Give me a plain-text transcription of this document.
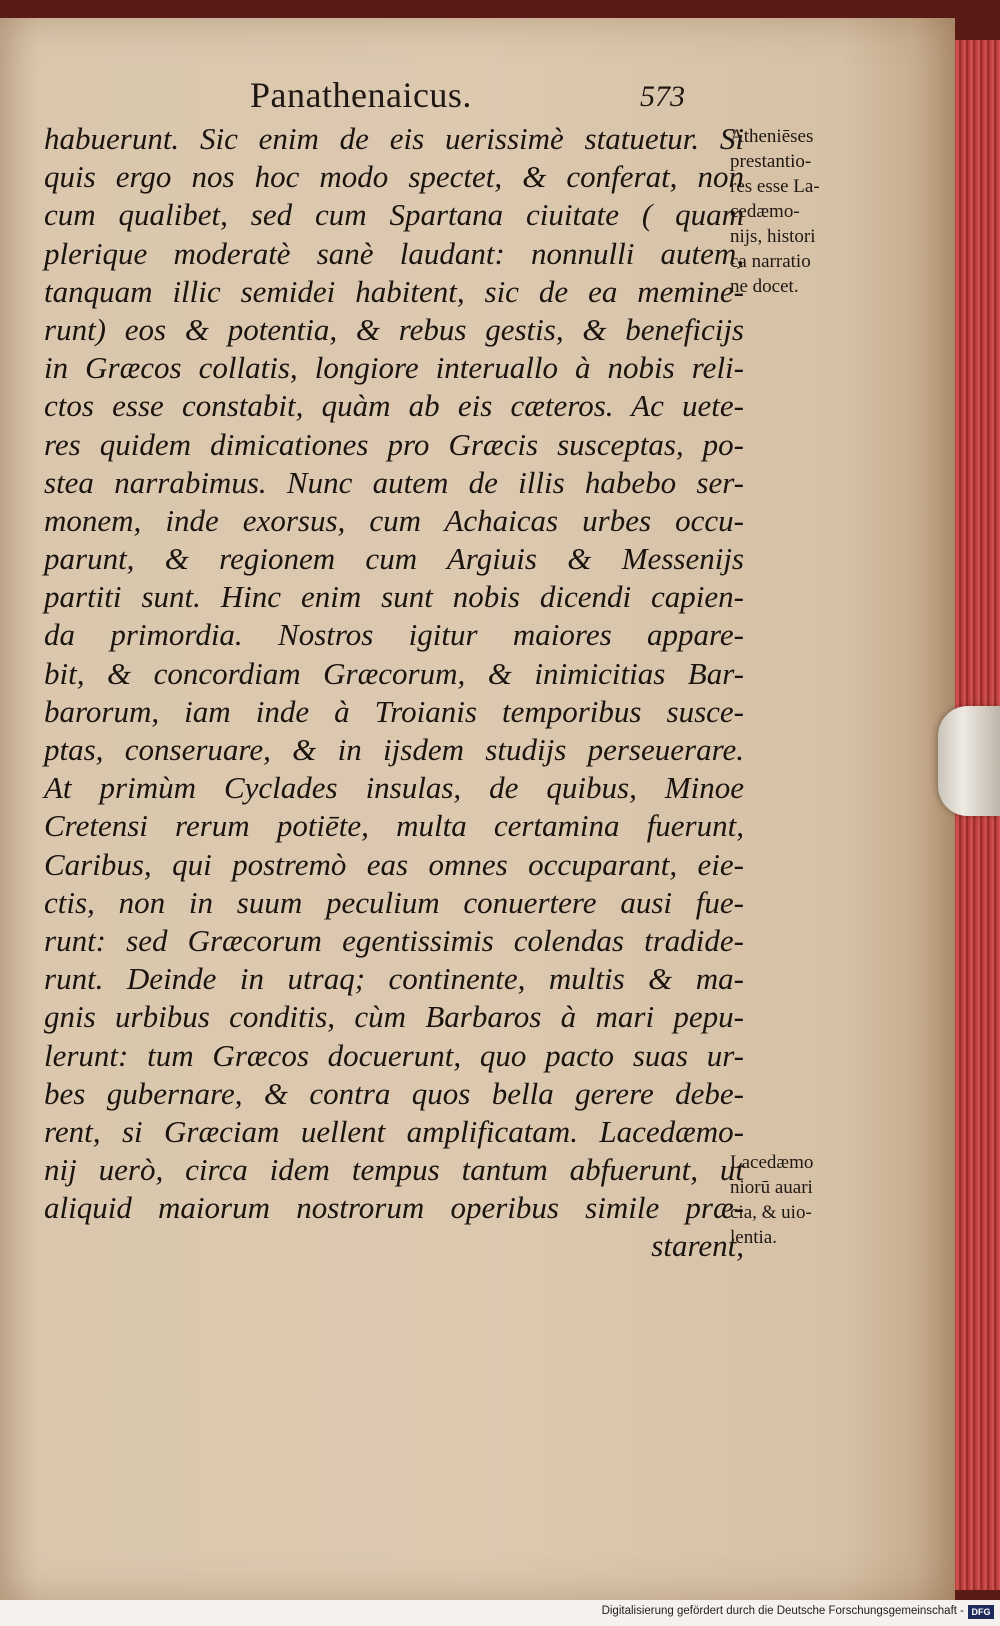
Panathenaicus.	573
habuerunt. Sic enim de eis uerissimè statuetur. Si
quis ergo nos hoc modo spectet, & conferat, non
cum qualibet, sed cum Spartana ciuitate ( quam
plerique moderatè sanè laudant: nonnulli autem,
tanquam illic semidei habitent, sic de ea memine-
runt) eos & potentia, & rebus gestis, & beneficijs
in Græcos collatis, longiore interuallo à nobis reli-
ctos esse constabit, quàm ab eis cæteros. Ac uete-
res quidem dimicationes pro Græcis susceptas, po-
stea narrabimus. Nunc autem de illis habebo ser-
monem, inde exorsus, cum Achaicas urbes occu-
parunt, & regionem cum Argiuis & Messenijs
partiti sunt. Hinc enim sunt nobis dicendi capien-
da primordia. Nostros igitur maiores appare-
bit, & concordiam Græcorum, & inimicitias Bar-
barorum, iam inde à Troianis temporibus susce-
ptas, conseruare, & in ijsdem studijs perseuerare.
At primùm Cyclades insulas, de quibus, Minoe
Cretensi rerum potiēte, multa certamina fuerunt,
Caribus, qui postremò eas omnes occuparant, eie-
ctis, non in suum peculium conuertere ausi fue-
runt: sed Græcorum egentissimis colendas tradide-
runt. Deinde in utraq; continente, multis & ma-
gnis urbibus conditis, cùm Barbaros à mari pepu-
lerunt: tum Græcos docuerunt, quo pacto suas ur-
bes gubernare, & contra quos bella gerere debe-
rent, si Græciam uellent amplificatam. Lacedæmo-
nij uerò, circa idem tempus tantum abfuerunt, ut
aliquid maiorum nostrorum operibus simile præ-
starent,
Atheniēses
prestantio-
res esse La-
cedæmo-
nijs, histori
ca narratio
ne docet.
Lacedæmo
niorū auari
cia, & uio-
lentia.
Digitalisierung gefördert durch die Deutsche Forschungsgemeinschaft - DFG
